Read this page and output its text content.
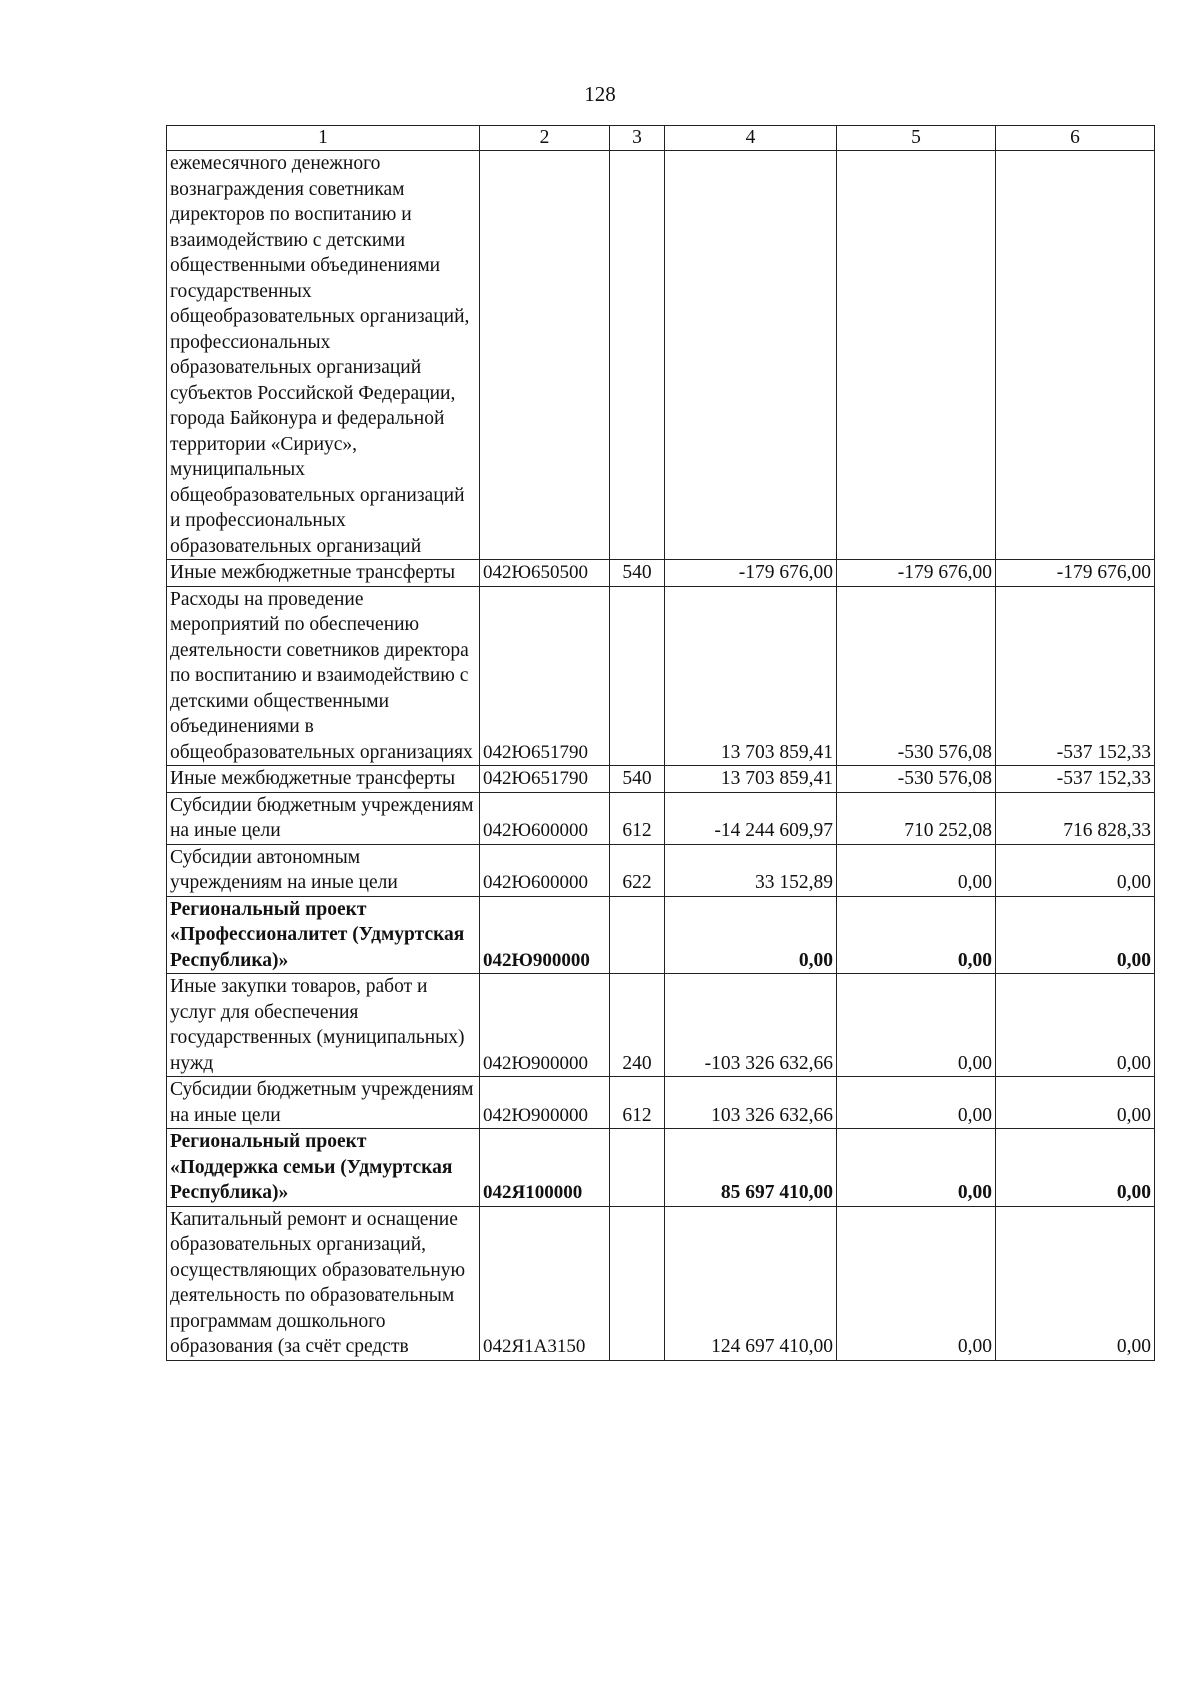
128
1	2	3	4	5	6
ежемесячного денежного вознаграждения советникам директоров по воспитанию и взаимодействию с детскими общественными объединениями государственных общеобразовательных организаций, профессиональных образовательных организаций субъектов Российской Федерации, города Байконура и федеральной территории «Сириус», муниципальных общеобразовательных организаций и профессиональных образовательных организаций					
Иные межбюджетные трансферты	042Ю650500	540	-179 676,00	-179 676,00	-179 676,00
Расходы на проведение мероприятий по обеспечению деятельности советников директора по воспитанию и взаимодействию с детскими общественными объединениями в общеобразовательных организациях	042Ю651790		13 703 859,41	-530 576,08	-537 152,33
Иные межбюджетные трансферты	042Ю651790	540	13 703 859,41	-530 576,08	-537 152,33
Субсидии бюджетным учреждениям на иные цели	042Ю600000	612	-14 244 609,97	710 252,08	716 828,33
Субсидии автономным учреждениям на иные цели	042Ю600000	622	33 152,89	0,00	0,00
Региональный проект «Профессионалитет (Удмуртская Республика)»	042Ю900000		0,00	0,00	0,00
Иные закупки товаров, работ и услуг для обеспечения государственных (муниципальных) нужд	042Ю900000	240	-103 326 632,66	0,00	0,00
Субсидии бюджетным учреждениям на иные цели	042Ю900000	612	103 326 632,66	0,00	0,00
Региональный проект «Поддержка семьи (Удмуртская Республика)»	042Я100000		85 697 410,00	0,00	0,00
Капитальный ремонт и оснащение образовательных организаций, осуществляющих образовательную деятельность по образовательным программам дошкольного образования (за счёт средств	042Я1А3150		124 697 410,00	0,00	0,00
